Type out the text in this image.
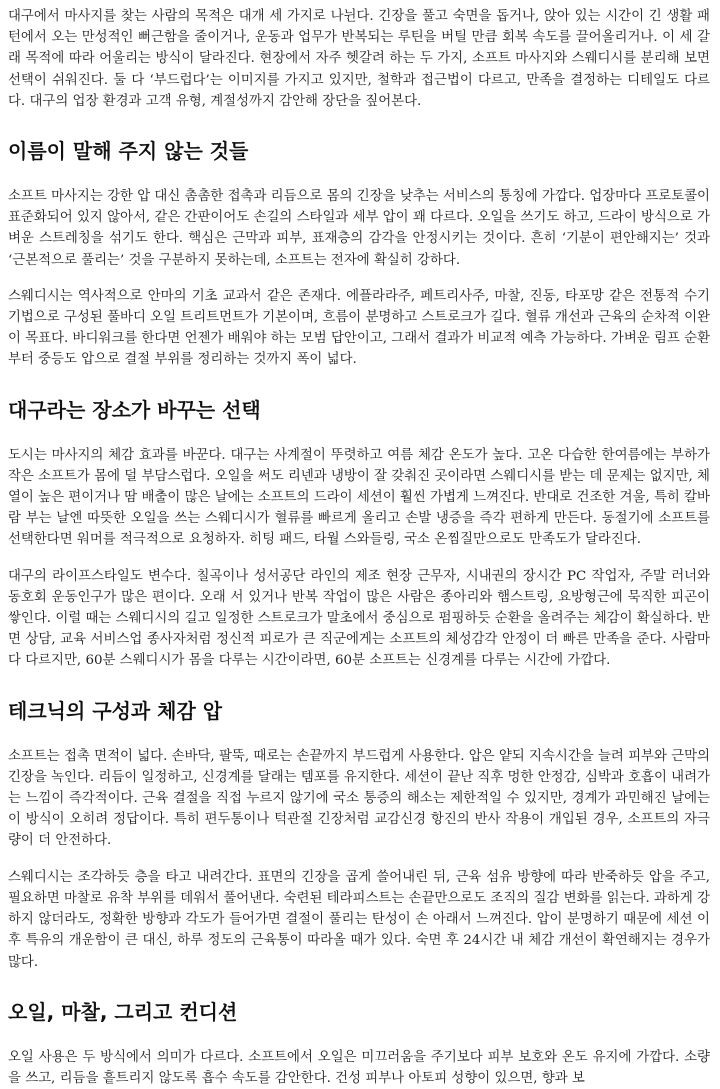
대구에서 마사지를 찾는 사람의 목적은 대개 세 가지로 나뉜다. 긴장을 풀고 숙면을 돕거나, 앉아 있는 시간이 긴 생활 패턴에서 오는 만성적인 뻐근함을 줄이거나, 운동과 업무가 반복되는 루틴을 버틸 만큼 회복 속도를 끌어올리거나. 이 세 갈래 목적에 따라 어울리는 방식이 달라진다. 현장에서 자주 헷갈려 하는 두 가지, 소프트 마사지와 스웨디시를 분리해 보면 선택이 쉬워진다. 둘 다 ‘부드럽다’는 이미지를 가지고 있지만, 철학과 접근법이 다르고, 만족을 결정하는 디테일도 다르다. 대구의 업장 환경과 고객 유형, 계절성까지 감안해 장단을 짚어본다.

이름이 말해 주지 않는 것들

소프트 마사지는 강한 압 대신 촘촘한 접촉과 리듬으로 몸의 긴장을 낮추는 서비스의 통칭에 가깝다. 업장마다 프로토콜이 표준화되어 있지 않아서, 같은 간판이어도 손길의 스타일과 세부 압이 꽤 다르다. 오일을 쓰기도 하고, 드라이 방식으로 가벼운 스트레칭을 섞기도 한다. 핵심은 근막과 피부, 표재층의 감각을 안정시키는 것이다. 흔히 ‘기분이 편안해지는’ 것과 ‘근본적으로 풀리는’ 것을 구분하지 못하는데, 소프트는 전자에 확실히 강하다.

스웨디시는 역사적으로 안마의 기초 교과서 같은 존재다. 에플라라주, 페트리사주, 마찰, 진동, 타포망 같은 전통적 수기 기법으로 구성된 풀바디 오일 트리트먼트가 기본이며, 흐름이 분명하고 스트로크가 길다. 혈류 개선과 근육의 순차적 이완이 목표다. 바디워크를 한다면 언젠가 배워야 하는 모범 답안이고, 그래서 결과가 비교적 예측 가능하다. 가벼운 림프 순환부터 중등도 압으로 결절 부위를 정리하는 것까지 폭이 넓다.

대구라는 장소가 바꾸는 선택

도시는 마사지의 체감 효과를 바꾼다. 대구는 사계절이 뚜렷하고 여름 체감 온도가 높다. 고온 다습한 한여름에는 부하가 작은 소프트가 몸에 덜 부담스럽다. 오일을 써도 리넨과 냉방이 잘 갖춰진 곳이라면 스웨디시를 받는 데 문제는 없지만, 체열이 높은 편이거나 땀 배출이 많은 날에는 소프트의 드라이 세션이 훨씬 가볍게 느껴진다. 반대로 건조한 겨울, 특히 칼바람 부는 날엔 따뜻한 오일을 쓰는 스웨디시가 혈류를 빠르게 올리고 손발 냉증을 즉각 편하게 만든다. 동절기에 소프트를 선택한다면 워머를 적극적으로 요청하자. 히팅 패드, 타월 스와들링, 국소 온찜질만으로도 만족도가 달라진다.

대구의 라이프스타일도 변수다. 칠곡이나 성서공단 라인의 제조 현장 근무자, 시내권의 장시간 PC 작업자, 주말 러너와 동호회 운동인구가 많은 편이다. 오래 서 있거나 반복 작업이 많은 사람은 종아리와 햄스트링, 요방형근에 묵직한 피곤이 쌓인다. 이럴 때는 스웨디시의 길고 일정한 스트로크가 말초에서 중심으로 펌핑하듯 순환을 올려주는 체감이 확실하다. 반면 상담, 교육 서비스업 종사자처럼 정신적 피로가 큰 직군에게는 소프트의 체성감각 안정이 더 빠른 만족을 준다. 사람마다 다르지만, 60분 스웨디시가 몸을 다루는 시간이라면, 60분 소프트는 신경계를 다루는 시간에 가깝다.

테크닉의 구성과 체감 압

소프트는 접촉 면적이 넓다. 손바닥, 팔뚝, 때로는 손끝까지 부드럽게 사용한다. 압은 얕되 지속시간을 늘려 피부와 근막의 긴장을 녹인다. 리듬이 일정하고, 신경계를 달래는 템포를 유지한다. 세션이 끝난 직후 멍한 안정감, 심박과 호흡이 내려가는 느낌이 즉각적이다. 근육 결절을 직접 누르지 않기에 국소 통증의 해소는 제한적일 수 있지만, 경계가 과민해진 날에는 이 방식이 오히려 정답이다. 특히 편두통이나 턱관절 긴장처럼 교감신경 항진의 반사 작용이 개입된 경우, 소프트의 자극량이 더 안전하다.

스웨디시는 조각하듯 층을 타고 내려간다. 표면의 긴장을 곱게 쓸어내린 뒤, 근육 섬유 방향에 따라 반죽하듯 압을 주고, 필요하면 마찰로 유착 부위를 데워서 풀어낸다. 숙련된 테라피스트는 손끝만으로도 조직의 질감 변화를 읽는다. 과하게 강하지 않더라도, 정확한 방향과 각도가 들어가면 결절이 풀리는 탄성이 손 아래서 느껴진다. 압이 분명하기 때문에 세션 이후 특유의 개운함이 큰 대신, 하루 정도의 근육통이 따라올 때가 있다. 숙면 후 24시간 내 체감 개선이 확연해지는 경우가 많다.

오일, 마찰, 그리고 컨디션

오일 사용은 두 방식에서 의미가 다르다. 소프트에서 오일은 미끄러움을 주기보다 피부 보호와 온도 유지에 가깝다. 소량을 쓰고, 리듬을 흩트리지 않도록 흡수 속도를 감안한다. 건성 피부나 아토피 성향이 있으면, 향과 보
